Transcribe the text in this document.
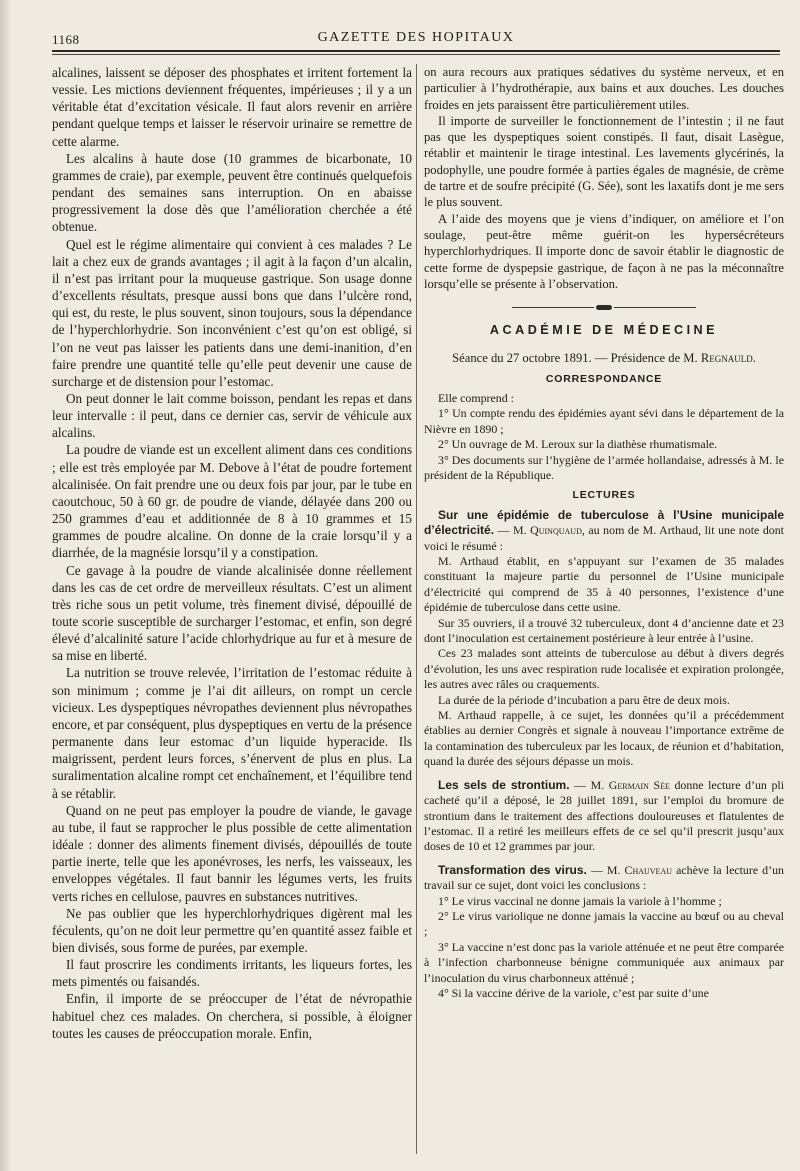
1168	GAZETTE DES HOPITAUX

alcalines, laissent se déposer des phosphates et irritent fortement la vessie. Les mictions deviennent fréquentes, impérieuses ; il y a un véritable état d’excitation vésicale. Il faut alors revenir en arrière pendant quelque temps et laisser le réservoir urinaire se remettre de cette alarme.

Les alcalins à haute dose (10 grammes de bicarbonate, 10 grammes de craie), par exemple, peuvent être continués quelquefois pendant des semaines sans interruption. On en abaisse progressivement la dose dès que l’amélioration cherchée a été obtenue.

Quel est le régime alimentaire qui convient à ces malades ? Le lait a chez eux de grands avantages ; il agit à la façon d’un alcalin, il n’est pas irritant pour la muqueuse gastrique. Son usage donne d’excellents résultats, presque aussi bons que dans l’ulcère rond, qui est, du reste, le plus souvent, sinon toujours, sous la dépendance de l’hyperchlorhydrie. Son inconvénient c’est qu’on est obligé, si l’on ne veut pas laisser les patients dans une demi-inanition, d’en faire prendre une quantité telle qu’elle peut devenir une cause de surcharge et de distension pour l’estomac.

On peut donner le lait comme boisson, pendant les repas et dans leur intervalle : il peut, dans ce dernier cas, servir de véhicule aux alcalins.

La poudre de viande est un excellent aliment dans ces conditions ; elle est très employée par M. Debove à l’état de poudre fortement alcalinisée. On fait prendre une ou deux fois par jour, par le tube en caoutchouc, 50 à 60 gr. de poudre de viande, délayée dans 200 ou 250 grammes d’eau et additionnée de 8 à 10 grammes et 15 grammes de poudre alcaline. On donne de la craie lorsqu’il y a diarrhée, de la magnésie lorsqu’il y a constipation.

Ce gavage à la poudre de viande alcalinisée donne réellement dans les cas de cet ordre de merveilleux résultats. C’est un aliment très riche sous un petit volume, très finement divisé, dépouillé de toute scorie susceptible de surcharger l’estomac, et enfin, son degré élevé d’alcalinité sature l’acide chlorhydrique au fur et à mesure de sa mise en liberté.

La nutrition se trouve relevée, l’irritation de l’estomac réduite à son minimum ; comme je l’ai dit ailleurs, on rompt un cercle vicieux. Les dyspeptiques névropathes deviennent plus névropathes encore, et par conséquent, plus dyspeptiques en vertu de la présence permanente dans leur estomac d’un liquide hyperacide. Ils maigrissent, perdent leurs forces, s’énervent de plus en plus. La suralimentation alcaline rompt cet enchaînement, et l’équilibre tend à se rétablir.

Quand on ne peut pas employer la poudre de viande, le gavage au tube, il faut se rapprocher le plus possible de cette alimentation idéale : donner des aliments finement divisés, dépouillés de toute partie inerte, telle que les aponévroses, les nerfs, les vaisseaux, les enveloppes végétales. Il faut bannir les légumes verts, les fruits verts riches en cellulose, pauvres en substances nutritives.

Ne pas oublier que les hyperchlorhydriques digèrent mal les féculents, qu’on ne doit leur permettre qu’en quantité assez faible et bien divisés, sous forme de purées, par exemple.

Il faut proscrire les condiments irritants, les liqueurs fortes, les mets pimentés ou faisandés.

Enfin, il importe de se préoccuper de l’état de névropathie habituel chez ces malades. On cherchera, si possible, à éloigner toutes les causes de préoccupation morale. Enfin,

on aura recours aux pratiques sédatives du système nerveux, et en particulier à l’hydrothérapie, aux bains et aux douches. Les douches froides en jets paraissent être particulièrement utiles.

Il importe de surveiller le fonctionnement de l’intestin ; il ne faut pas que les dyspeptiques soient constipés. Il faut, disait Lasègue, rétablir et maintenir le tirage intestinal. Les lavements glycérinés, la podophylle, une poudre formée à parties égales de magnésie, de crème de tartre et de soufre précipité (G. Sée), sont les laxatifs dont je me sers le plus souvent.

A l’aide des moyens que je viens d’indiquer, on améliore et l’on soulage, peut-être même guérit-on les hypersécréteurs hyperchlorhydriques. Il importe donc de savoir établir le diagnostic de cette forme de dyspepsie gastrique, de façon à ne pas la méconnaître lorsqu’elle se présente à l’observation.

ACADÉMIE DE MÉDECINE

Séance du 27 octobre 1891. — Présidence de M. Regnauld.

CORRESPONDANCE

Elle comprend :

1° Un compte rendu des épidémies ayant sévi dans le département de la Nièvre en 1890 ;

2° Un ouvrage de M. Leroux sur la diathèse rhumatismale.

3° Des documents sur l’hygiène de l’armée hollandaise, adressés à M. le président de la République.

LECTURES

Sur une épidémie de tuberculose à l’Usine municipale d’électricité. — M. Quinquaud, au nom de M. Arthaud, lit une note dont voici le résumé :

M. Arthaud établit, en s’appuyant sur l’examen de 35 malades constituant la majeure partie du personnel de l’Usine municipale d’électricité qui comprend de 35 à 40 personnes, l’existence d’une épidémie de tuberculose dans cette usine.

Sur 35 ouvriers, il a trouvé 32 tuberculeux, dont 4 d’ancienne date et 23 dont l’inoculation est certainement postérieure à leur entrée à l’usine.

Ces 23 malades sont atteints de tuberculose au début à divers degrés d’évolution, les uns avec respiration rude localisée et expiration prolongée, les autres avec râles ou craquements.

La durée de la période d’incubation a paru être de deux mois.

M. Arthaud rappelle, à ce sujet, les données qu’il a précédemment établies au dernier Congrès et signale à nouveau l’importance extrême de la contamination des tuberculeux par les locaux, de réunion et d’habitation, quand la durée des séjours dépasse un mois.

Les sels de strontium. — M. Germain Sée donne lecture d’un pli cacheté qu’il a déposé, le 28 juillet 1891, sur l’emploi du bromure de strontium dans le traitement des affections douloureuses et flatulentes de l’estomac. Il a retiré les meilleurs effets de ce sel qu’il prescrit jusqu’aux doses de 10 et 12 grammes par jour.

Transformation des virus. — M. Chauveau achève la lecture d’un travail sur ce sujet, dont voici les conclusions :

1° Le virus vaccinal ne donne jamais la variole à l’homme ;

2° Le virus variolique ne donne jamais la vaccine au bœuf ou au cheval ;

3° La vaccine n’est donc pas la variole atténuée et ne peut être comparée à l’infection charbonneuse bénigne communiquée aux animaux par l’inoculation du virus charbonneux atténué ;

4° Si la vaccine dérive de la variole, c’est par suite d’une
